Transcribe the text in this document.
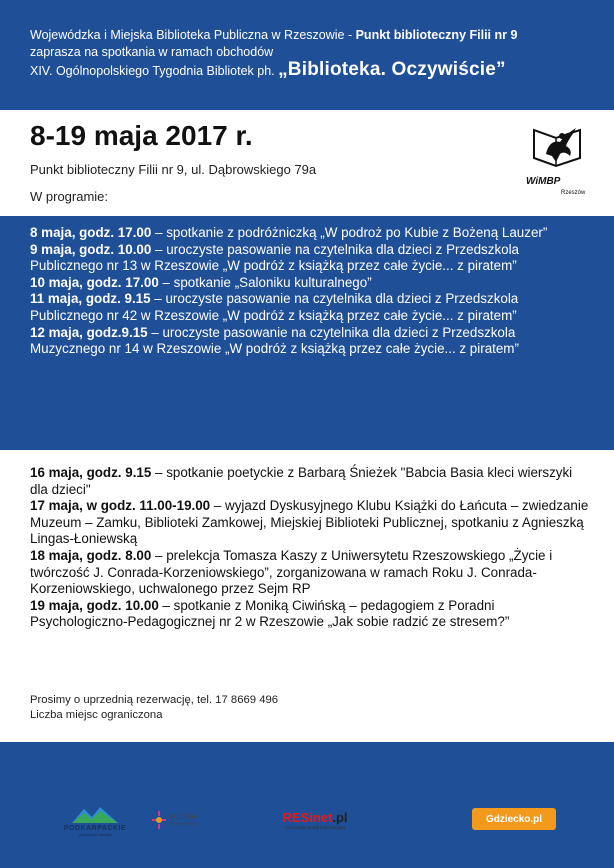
Wojewódzka i Miejska Biblioteka Publiczna w Rzeszowie - Punkt biblioteczny Filii nr 9
zaprasza na spotkania w ramach obchodów
XIV. Ogólnopolskiego Tygodnia Bibliotek ph. „Biblioteka. Oczywiście”
8-19 maja 2017 r.
Punkt biblioteczny Filii nr 9, ul. Dąbrowskiego 79a
W programie:
WiMBP
Rzeszów

8 maja, godz. 17.00 – spotkanie z podróżniczką „W podroż po Kubie z Bożeną Lauzer”

9 maja, godz. 10.00 – uroczyste pasowanie na czytelnika dla dzieci z Przedszkola Publicznego nr 13 w Rzeszowie „W podróż z książką przez całe życie... z piratem”

10 maja, godz. 17.00 – spotkanie „Saloniku kulturalnego”

11 maja, godz. 9.15 – uroczyste pasowanie na czytelnika dla dzieci z Przedszkola Publicznego nr 42 w Rzeszowie „W podróż z książką przez całe życie... z piratem”

12 maja, godz.9.15 – uroczyste pasowanie na czytelnika dla dzieci z Przedszkola Muzycznego nr 14 w Rzeszowie „W podróż z książką przez całe życie... z piratem”

16 maja, godz. 9.15 – spotkanie poetyckie z Barbarą Śnieżek "Babcia Basia kleci wierszyki dla dzieci"

17 maja, w godz. 11.00-19.00 – wyjazd Dyskusyjnego Klubu Książki do Łańcuta – zwiedzanie Muzeum – Zamku, Biblioteki Zamkowej, Miejskiej Biblioteki Publicznej, spotkaniu z Agnieszką Lingas-Łoniewską

18 maja, godz. 8.00 – prelekcja Tomasza Kaszy z Uniwersytetu Rzeszowskiego „Życie i twórczość J. Conrada-Korzeniowskiego”, zorganizowana w ramach Roku J. Conrada-Korzeniowskiego, uchwalonego przez Sejm RP

19 maja, godz. 10.00 – spotkanie z Moniką Ciwińską – pedagogiem z Poradni Psychologiczno-Pedagogicznej nr 2 w Rzeszowie „Jak sobie radzić ze stresem?”

Prosimy o uprzednią rezerwację, tel. 17 8669 496
Liczba miejsc ograniczona
PODKARPACKIE
przestrzeń otwarta
KULTURA
RZESZOWSKA	RESinet.pl
rzeszowski portal informacyjny
Serwis Regionalny
galicjusz.pl	Gdziecko.pl
